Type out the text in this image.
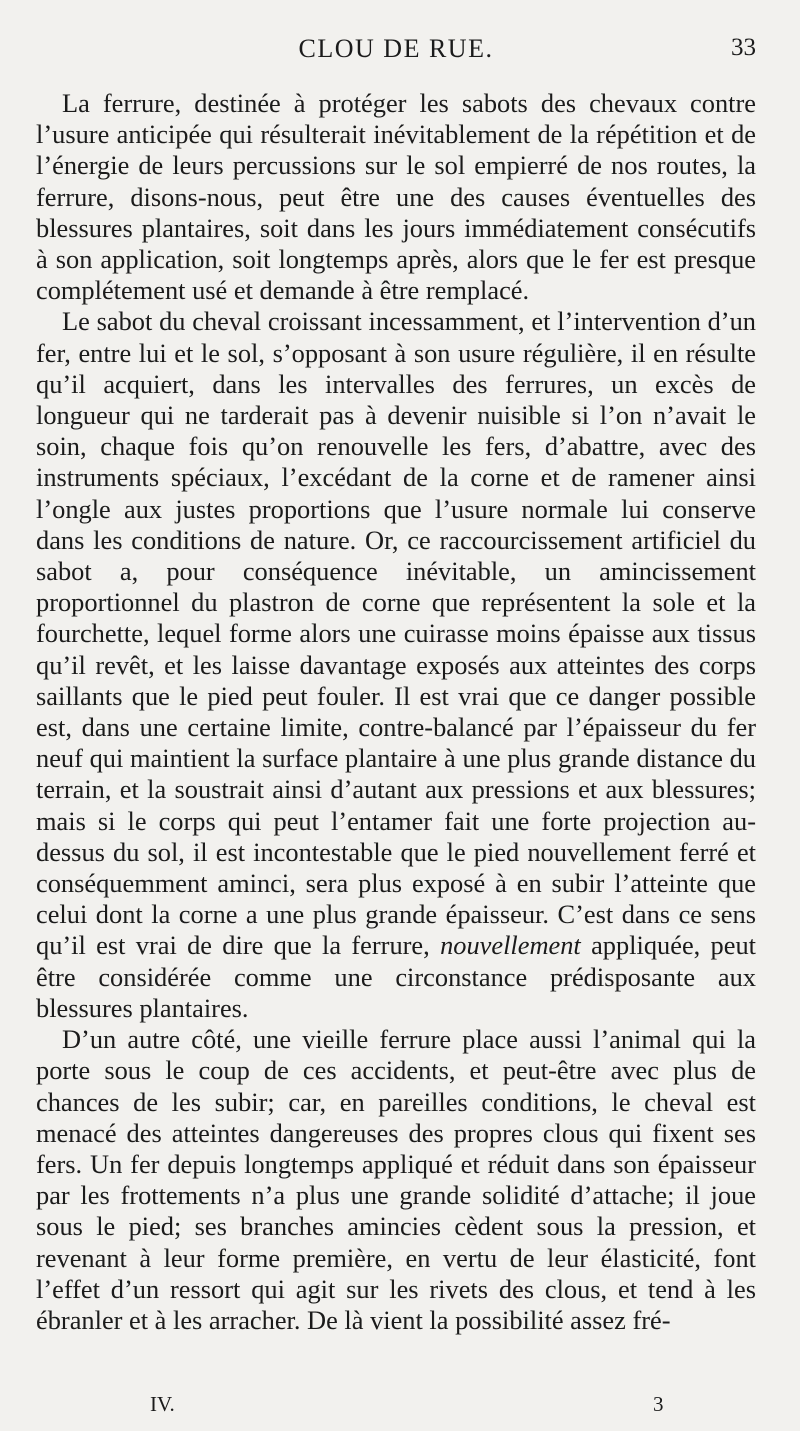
CLOU DE RUE.	33

La ferrure, destinée à protéger les sabots des chevaux contre l’usure anticipée qui résulterait inévitablement de la répétition et de l’énergie de leurs percussions sur le sol empierré de nos routes, la ferrure, disons-nous, peut être une des causes éventuelles des blessures plantaires, soit dans les jours immédiatement consécutifs à son application, soit longtemps après, alors que le fer est presque complétement usé et demande à être remplacé.

Le sabot du cheval croissant incessamment, et l’intervention d’un fer, entre lui et le sol, s’opposant à son usure régulière, il en résulte qu’il acquiert, dans les intervalles des ferrures, un excès de longueur qui ne tarderait pas à devenir nuisible si l’on n’avait le soin, chaque fois qu’on renouvelle les fers, d’abattre, avec des instruments spéciaux, l’excédant de la corne et de ramener ainsi l’ongle aux justes proportions que l’usure normale lui conserve dans les conditions de nature. Or, ce raccourcissement artificiel du sabot a, pour conséquence inévitable, un amincissement proportionnel du plastron de corne que représentent la sole et la fourchette, lequel forme alors une cuirasse moins épaisse aux tissus qu’il revêt, et les laisse davantage exposés aux atteintes des corps saillants que le pied peut fouler. Il est vrai que ce danger possible est, dans une certaine limite, contre-balancé par l’épaisseur du fer neuf qui maintient la surface plantaire à une plus grande distance du terrain, et la soustrait ainsi d’autant aux pressions et aux blessures; mais si le corps qui peut l’entamer fait une forte projection au-dessus du sol, il est incontestable que le pied nouvellement ferré et conséquemment aminci, sera plus exposé à en subir l’atteinte que celui dont la corne a une plus grande épaisseur. C’est dans ce sens qu’il est vrai de dire que la ferrure, nouvellement appliquée, peut être considérée comme une circonstance prédisposante aux blessures plantaires.

D’un autre côté, une vieille ferrure place aussi l’animal qui la porte sous le coup de ces accidents, et peut-être avec plus de chances de les subir; car, en pareilles conditions, le cheval est menacé des atteintes dangereuses des propres clous qui fixent ses fers. Un fer depuis longtemps appliqué et réduit dans son épaisseur par les frottements n’a plus une grande solidité d’attache; il joue sous le pied; ses branches amincies cèdent sous la pression, et revenant à leur forme première, en vertu de leur élasticité, font l’effet d’un ressort qui agit sur les rivets des clous, et tend à les ébranler et à les arracher. De là vient la possibilité assez fré-

IV.	3
